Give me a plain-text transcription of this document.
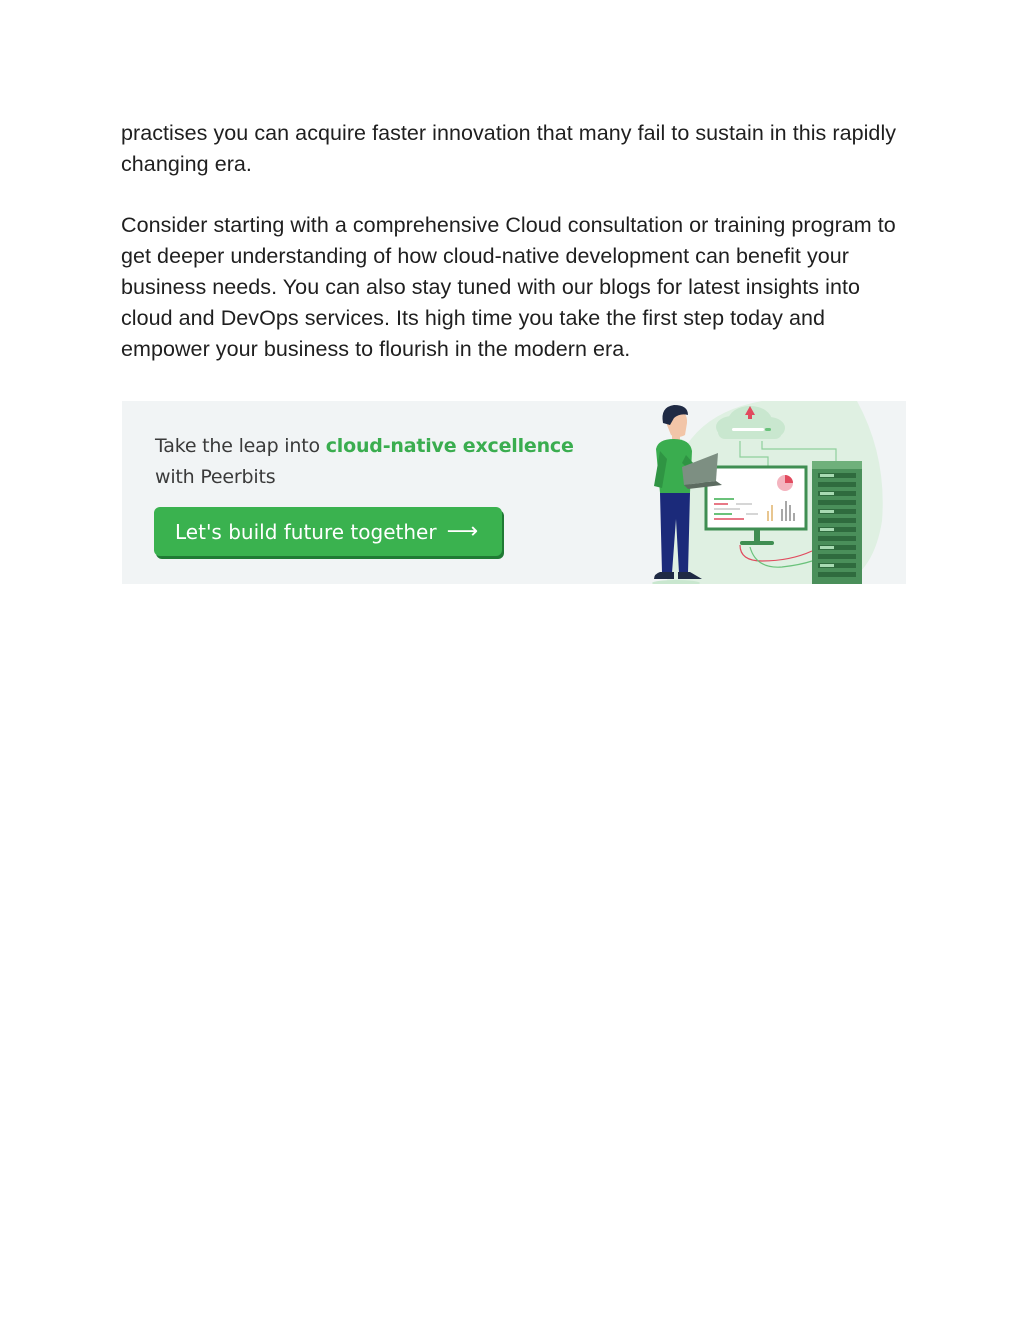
practises you can acquire faster innovation that many fail to sustain in this rapidly changing era.

Consider starting with a comprehensive Cloud consultation or training program to get deeper understanding of how cloud-native development can benefit your business needs. You can also stay tuned with our blogs for latest insights into cloud and DevOps services. Its high time you take the first step today and empower your business to flourish in the modern era.

Take the leap into cloud-native excellence
with Peerbits

Let's build future together ⟶
